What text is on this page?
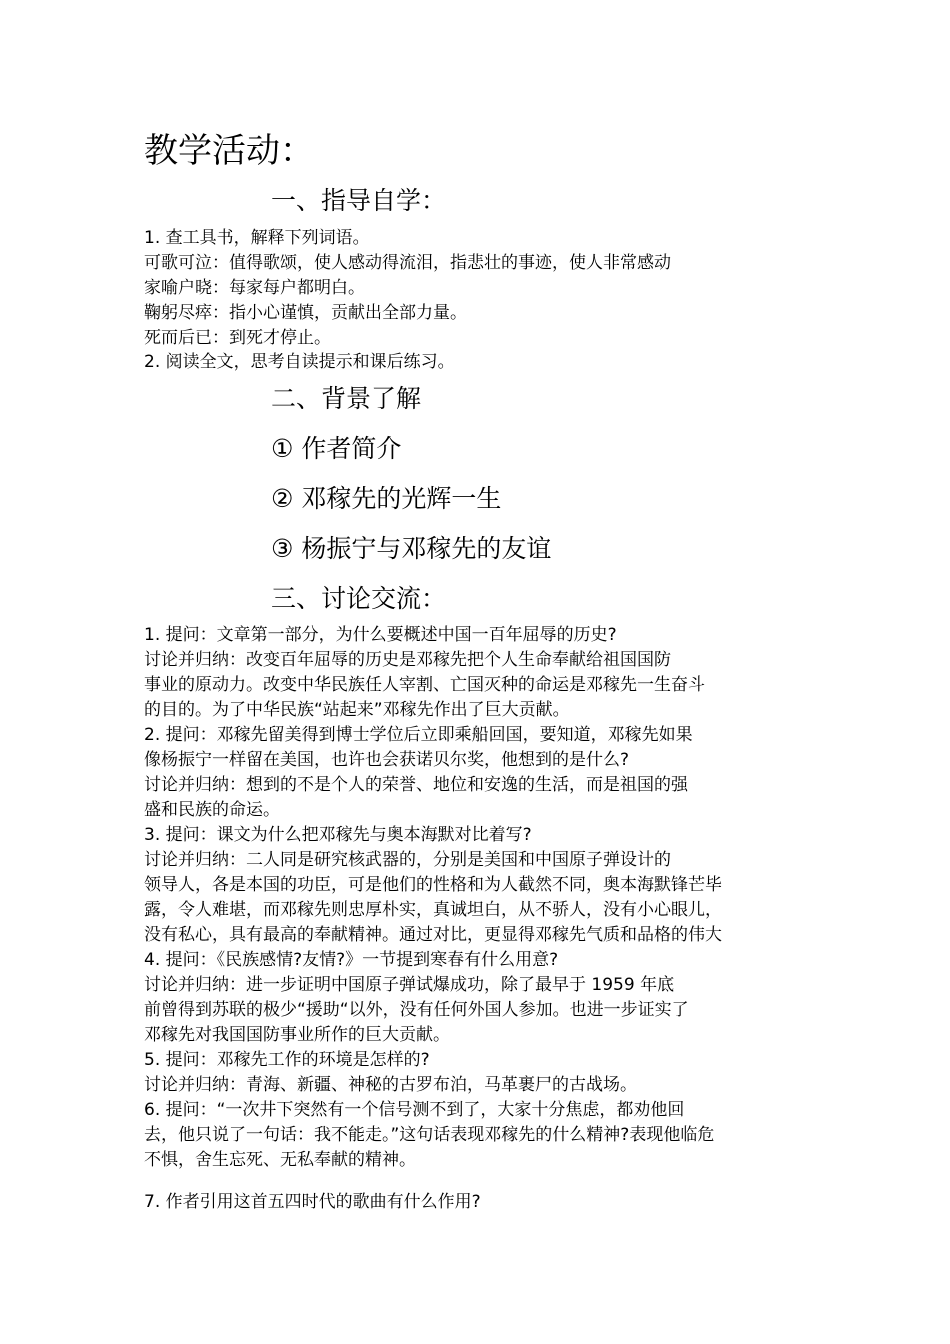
教学活动：
一、指导自学：
1. 查工具书，解释下列词语。
可歌可泣：值得歌颂，使人感动得流泪，指悲壮的事迹，使人非常感动
家喻户晓：每家每户都明白。
鞠躬尽瘁：指小心谨慎，贡献出全部力量。
死而后已：到死才停止。
2. 阅读全文，思考自读提示和课后练习。
二、背景了解
① 作者简介
② 邓稼先的光辉一生
③ 杨振宁与邓稼先的友谊
三、讨论交流：
1. 提问：文章第一部分，为什么要概述中国一百年屈辱的历史?
讨论并归纳：改变百年屈辱的历史是邓稼先把个人生命奉献给祖国国防
事业的原动力。改变中华民族任人宰割、亡国灭种的命运是邓稼先一生奋斗
的目的。为了中华民族“站起来”邓稼先作出了巨大贡献。
2. 提问：邓稼先留美得到博士学位后立即乘船回国，要知道，邓稼先如果
像杨振宁一样留在美国，也许也会获诺贝尔奖，他想到的是什么?
讨论并归纳：想到的不是个人的荣誉、地位和安逸的生活，而是祖国的强
盛和民族的命运。
3. 提问：课文为什么把邓稼先与奥本海默对比着写?
讨论并归纳：二人同是研究核武器的，分别是美国和中国原子弹设计的
领导人，各是本国的功臣，可是他们的性格和为人截然不同，奥本海默锋芒毕
露，令人难堪，而邓稼先则忠厚朴实，真诚坦白，从不骄人，没有小心眼儿，
没有私心，具有最高的奉献精神。通过对比，更显得邓稼先气质和品格的伟大
4. 提问：《民族感情?友情?》一节提到寒春有什么用意?
讨论并归纳：进一步证明中国原子弹试爆成功，除了最早于 1959 年底
前曾得到苏联的极少“援助“以外，没有任何外国人参加。也进一步证实了
邓稼先对我国国防事业所作的巨大贡献。
5. 提问：邓稼先工作的环境是怎样的?
讨论并归纳：青海、新疆、神秘的古罗布泊，马革裹尸的古战场。
6. 提问：“一次井下突然有一个信号测不到了，大家十分焦虑，都劝他回
去，他只说了一句话：我不能走。”这句话表现邓稼先的什么精神?表现他临危
不惧，舍生忘死、无私奉献的精神。
7. 作者引用这首五四时代的歌曲有什么作用?
